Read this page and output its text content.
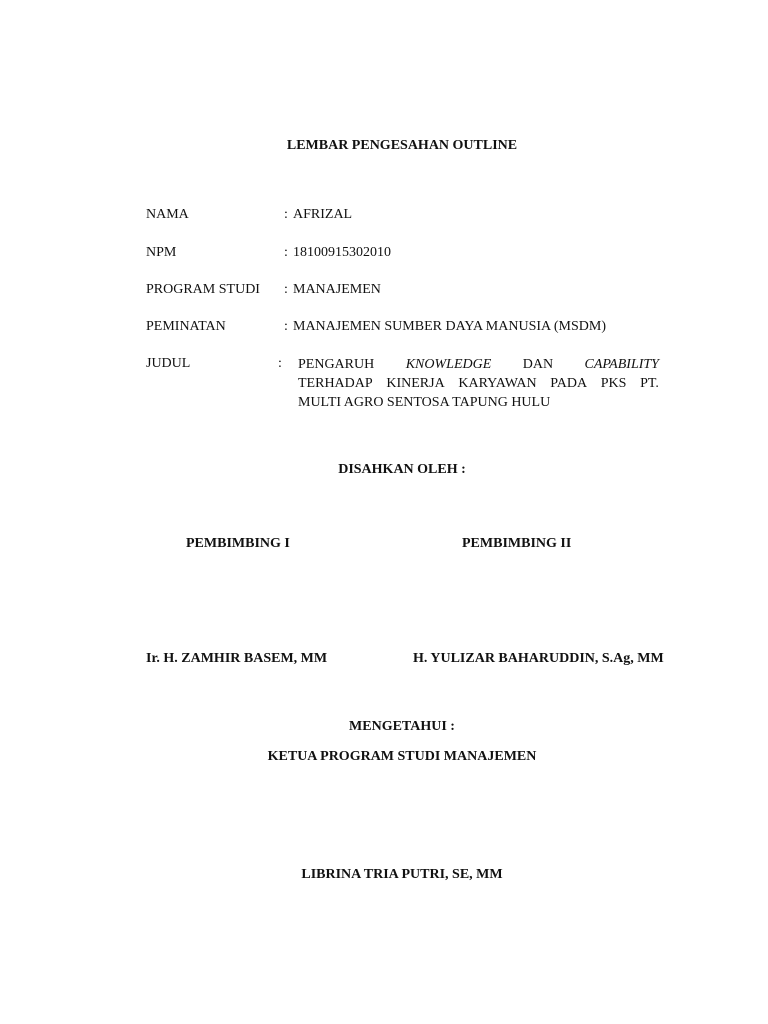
LEMBAR PENGESAHAN OUTLINE
NAMA	: AFRIZAL
NPM	: 18100915302010
PROGRAM STUDI : MANAJEMEN
PEMINATAN	: MANAJEMEN SUMBER DAYA MANUSIA (MSDM)
JUDUL	: PENGARUH KNOWLEDGE DAN CAPABILITY
TERHADAP KINERJA KARYAWAN PADA PKS PT.
MULTI AGRO SENTOSA TAPUNG HULU
DISAHKAN OLEH :
PEMBIMBING I	PEMBIMBING II
Ir. H. ZAMHIR BASEM, MM	H. YULIZAR BAHARUDDIN, S.Ag, MM
MENGETAHUI :
KETUA PROGRAM STUDI MANAJEMEN
LIBRINA TRIA PUTRI, SE, MM
